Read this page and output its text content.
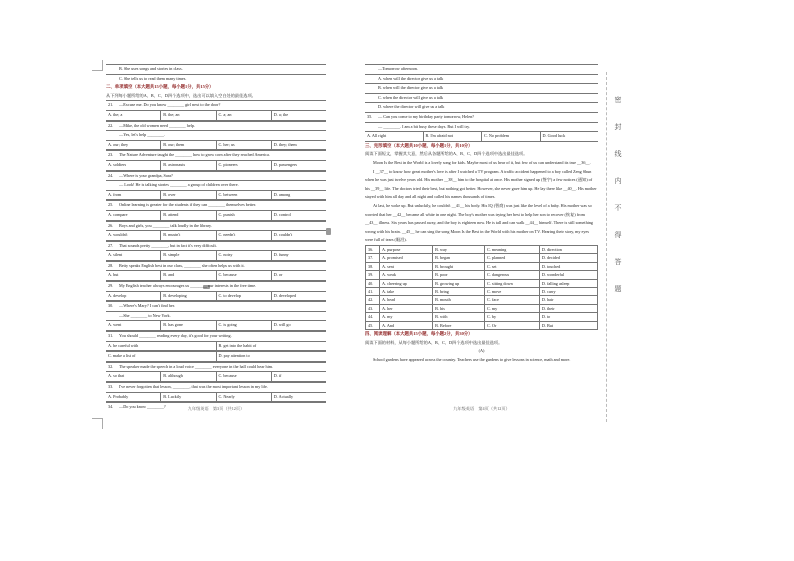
B. She uses songs and stories in class.
C. She tells us to read them many times.
二、单项填空（本大题共15小题，每小题1分，共15分）
从下列每小题所给的A、B、C、D四个选项中，选出可以填入空白处的最佳选项。
21.	—Excuse me. Do you know ________ girl next to the door?
A. the; a	B. the; an	C. a; an	D. a; the
22.	—Mike, the old women need ________ help.
—Yes, let's help ________.
A. our; they	B. our; them	C. her; us	D. they; them
23.	The Nature Adventure taught the ________ how to grow corn after they reached America.
A. soldiers	B. astronauts	C. pioneers	D. passengers
24.	—Where is your grandpa, Sara?
— Look! He is talking stories ________ a group of children over there.
A. from	B. over	C. between	D. among
25.	Online learning is greater for the students if they can ________ themselves better.
A. compare	B. attend	C. punish	D. control
26.	Boys and girls, you ________ talk loudly in the library.
A. wouldn't	B. mustn't	C. needn't	D. couldn't
27.	That sounds pretty ________, but in fact it's very difficult.
A. silent	B. simple	C. noisy	D. funny
28.	Betty speaks English best in our class, ________ she often helps us with it.
A. but	B. and	C. because	D. or
29.	My English teacher always encourages us ________ our interests in the free time.
A. develop	B. developing	C. to develop	D. developed
30.	—Where's Mary? I can't find her.
—She ________ to New York.
A. went	B. has gone	C. is going	D. will go
31.	You should ________ reading every day, it's good for your writing.
A. be careful with	B. get into the habit of
C. make a list of	D. pay attention to
32.	The speaker made the speech in a loud voice ________ everyone in the hall could hear him.
A. so that	B. although	C. because	D. if
33.	I've never forgotten that lesson, ________, that was the most important lesson in my life.
A. Probably	B. Luckily	C. Nearly	D. Actually
34.	—Do you know ________?	九年级英语　第3页（共12页）
—Tomorrow afternoon.
A. when will the director give us a talk
B. when will the director give us a talk
C. when the director will give us a talk
D. where the director will give us a talk
35.	— Can you come to my birthday party tomorrow, Helen?
— ________. I am a bit busy these days. But I will try.
A. All right	B. I'm afraid not	C. No problem	D. Good luck
三、完形填空（本大题共10小题，每小题1分，共10分）
阅读下面短文，掌握其大意，然后从各题所给的A、B、C、D四个选项中选出最佳选项。
Moon Is the Best in the World is a lovely song for kids. Maybe most of us hear of it, but few of us can understand its true __36__.
I __37__ to know how great mother's love is after I watched a TV program. A traffic accident happened to a boy called Zeng Shun when he was just twelve years old. His mother __38__ him to the hospital at once. His mother signed up (签字) a few notices (通知) of his __39__ life. The doctors tried their best, but nothing got better. However, she never gave him up. He lay there like __40__. His mother stayed with him all day and all night and called his names thousands of times.
At last, he woke up. But unluckily, he couldn't __41__ his body. His IQ (智商) was just like the level of a baby. His mother was so worried that her __42__ became all white in one night. The boy's mother was trying her best to help her son to recover (恢复) from __43__ illness. Six years has passed away, and the boy is eighteen now. He is tall and can walk __44__ himself. There is still something wrong with his brain. __45__ he can sing the song Moon Is the Best in the World with his mother on TV. Hearing their story, my eyes were full of tears (眼泪).
36.	A. purpose	B. way	C. meaning	D. direction
37.	A. promised	B. began	C. planned	D. decided
38.	A. sent	B. brought	C. set	D. touched
39.	A. weak	B. poor	C. dangerous	D. wonderful
40.	A. cheering up	B. growing up	C. sitting down	D. falling asleep
41.	A. take	B. bring	C. move	D. carry
42.	A. head	B. mouth	C. face	D. hair
43.	A. her	B. his	C. my	D. their
44.	A. my	B. with	C. by	D. to
45.	A. And	B. Before	C. Or	D. But
四、阅读理解（本大题共15小题，每小题2分，共30分）
阅读下面的材料，从每小题所给的A、B、C、D四个选项中选出最佳选项。
(A)
School gardens have appeared across the country. Teachers use the gardens to give lessons in science, math and more.
九年级英语　第4页（共12页）
密
封
线
内
不
得
答
题
